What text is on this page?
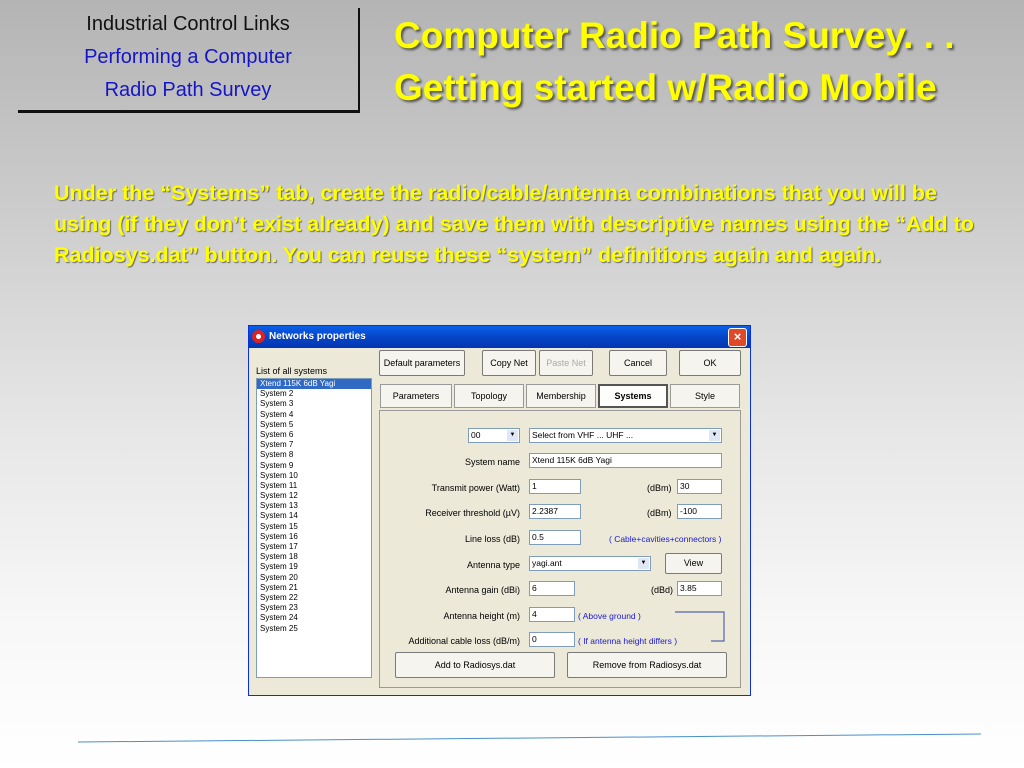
Industrial Control Links
Performing a Computer
Radio Path Survey
Computer Radio Path Survey. . .
Getting started w/Radio Mobile
Under the “Systems” tab, create the radio/cable/antenna combinations that you will be using (if they don’t exist already) and save them with descriptive names using the “Add to Radiosys.dat” button. You can reuse these “system” definitions again and again.
Networks properties	×
List of all systems
Xtend 115K 6dB Yagi
System 2
System 3
System 4
System 5
System 6
System 7
System 8
System 9
System 10
System 11
System 12
System 13
System 14
System 15
System 16
System 17
System 18
System 19
System 20
System 21
System 22
System 23
System 24
System 25
Default parameters	Copy Net	Paste Net	Cancel	OK
Parameters	Topology	Membership	Systems	Style
00	▼	Select from VHF ... UHF ...	▼
System name	Xtend 115K 6dB Yagi
Transmit power (Watt)	1	(dBm)	30
Receiver threshold (µV)	2.2387	(dBm)	-100
Line loss (dB)	0.5	( Cable+cavities+connectors )
Antenna type	yagi.ant	▼	View
Antenna gain (dBi)	6	(dBd) 3.85
Antenna height (m)	4	( Above ground )
Additional cable loss (dB/m)	0	( If antenna height differs )
Add to Radiosys.dat	Remove from Radiosys.dat
